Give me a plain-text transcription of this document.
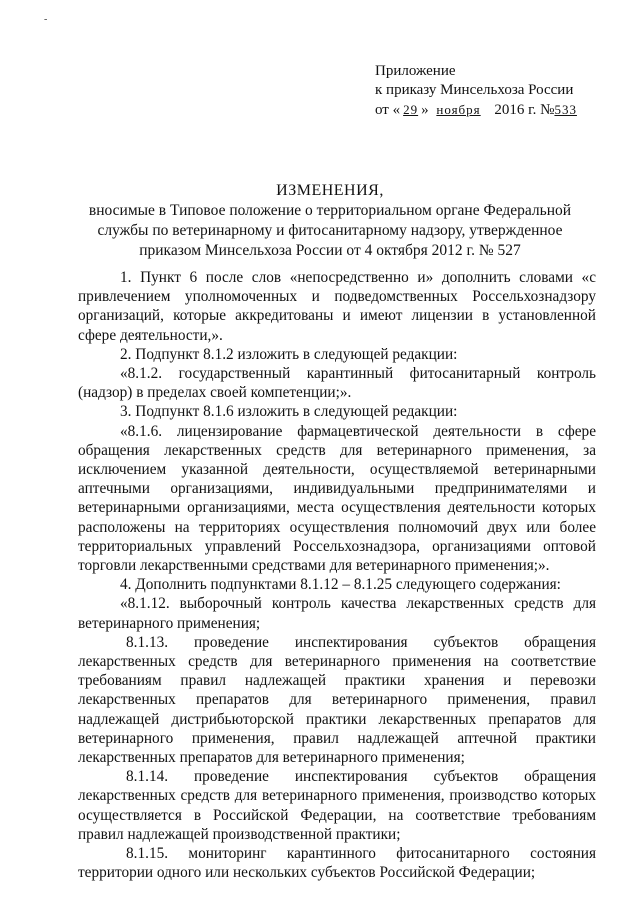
-
Приложение
к приказу Минсельхоза России
от « 29 » ноября 2016 г. №533
ИЗМЕНЕНИЯ,
вносимые в Типовое положение о территориальном органе Федеральной службы по ветеринарному и фитосанитарному надзору, утвержденное приказом Минсельхоза России от 4 октября 2012 г. № 527

1. Пункт 6 после слов «непосредственно и» дополнить словами «с привлечением уполномоченных и подведомственных Россельхознадзору организаций, которые аккредитованы и имеют лицензии в установленной сфере деятельности,».

2. Подпункт 8.1.2 изложить в следующей редакции:

«8.1.2. государственный карантинный фитосанитарный контроль (надзор) в пределах своей компетенции;».

3. Подпункт 8.1.6 изложить в следующей редакции:

«8.1.6. лицензирование фармацевтической деятельности в сфере обращения лекарственных средств для ветеринарного применения, за исключением указанной деятельности, осуществляемой ветеринарными аптечными организациями, индивидуальными предпринимателями и ветеринарными организациями, места осуществления деятельности которых расположены на территориях осуществления полномочий двух или более территориальных управлений Россельхознадзора, организациями оптовой торговли лекарственными средствами для ветеринарного применения;».

4. Дополнить подпунктами 8.1.12 – 8.1.25 следующего содержания:

«8.1.12. выборочный контроль качества лекарственных средств для ветеринарного применения;

8.1.13. проведение инспектирования субъектов обращения лекарственных средств для ветеринарного применения на соответствие требованиям правил надлежащей практики хранения и перевозки лекарственных препаратов для ветеринарного применения, правил надлежащей дистрибьюторской практики лекарственных препаратов для ветеринарного применения, правил надлежащей аптечной практики лекарственных препаратов для ветеринарного применения;

8.1.14. проведение инспектирования субъектов обращения лекарственных средств для ветеринарного применения, производство которых осуществляется в Российской Федерации, на соответствие требованиям правил надлежащей производственной практики;

8.1.15. мониторинг карантинного фитосанитарного состояния территории одного или нескольких субъектов Российской Федерации;
